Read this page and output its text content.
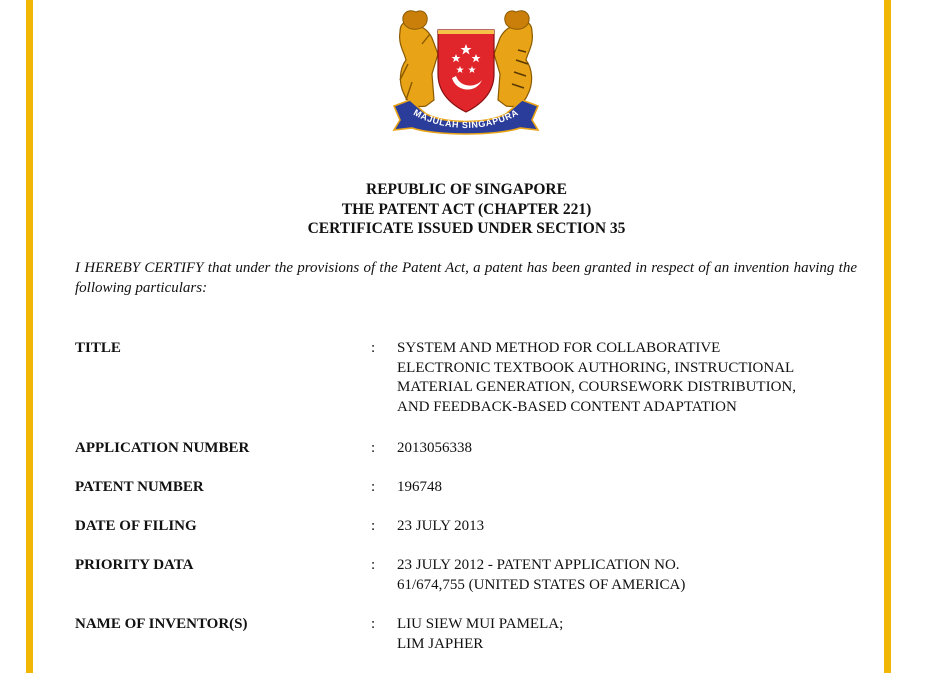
MAJULAH SINGAPURA
REPUBLIC OF SINGAPORE
THE PATENT ACT (CHAPTER 221)
CERTIFICATE ISSUED UNDER SECTION 35
I HEREBY CERTIFY that under the provisions of the Patent Act, a patent has been granted in respect of an invention having the following particulars:
TITLE	: SYSTEM AND METHOD FOR COLLABORATIVE
ELECTRONIC TEXTBOOK AUTHORING, INSTRUCTIONAL
MATERIAL GENERATION, COURSEWORK DISTRIBUTION,
AND FEEDBACK-BASED CONTENT ADAPTATION
APPLICATION NUMBER	: 2013056338
PATENT NUMBER	: 196748
DATE OF FILING	: 23 JULY 2013
PRIORITY DATA	: 23 JULY 2012 - PATENT APPLICATION NO.
61/674,755 (UNITED STATES OF AMERICA)
NAME OF INVENTOR(S)	: LIU SIEW MUI PAMELA;
LIM JAPHER
